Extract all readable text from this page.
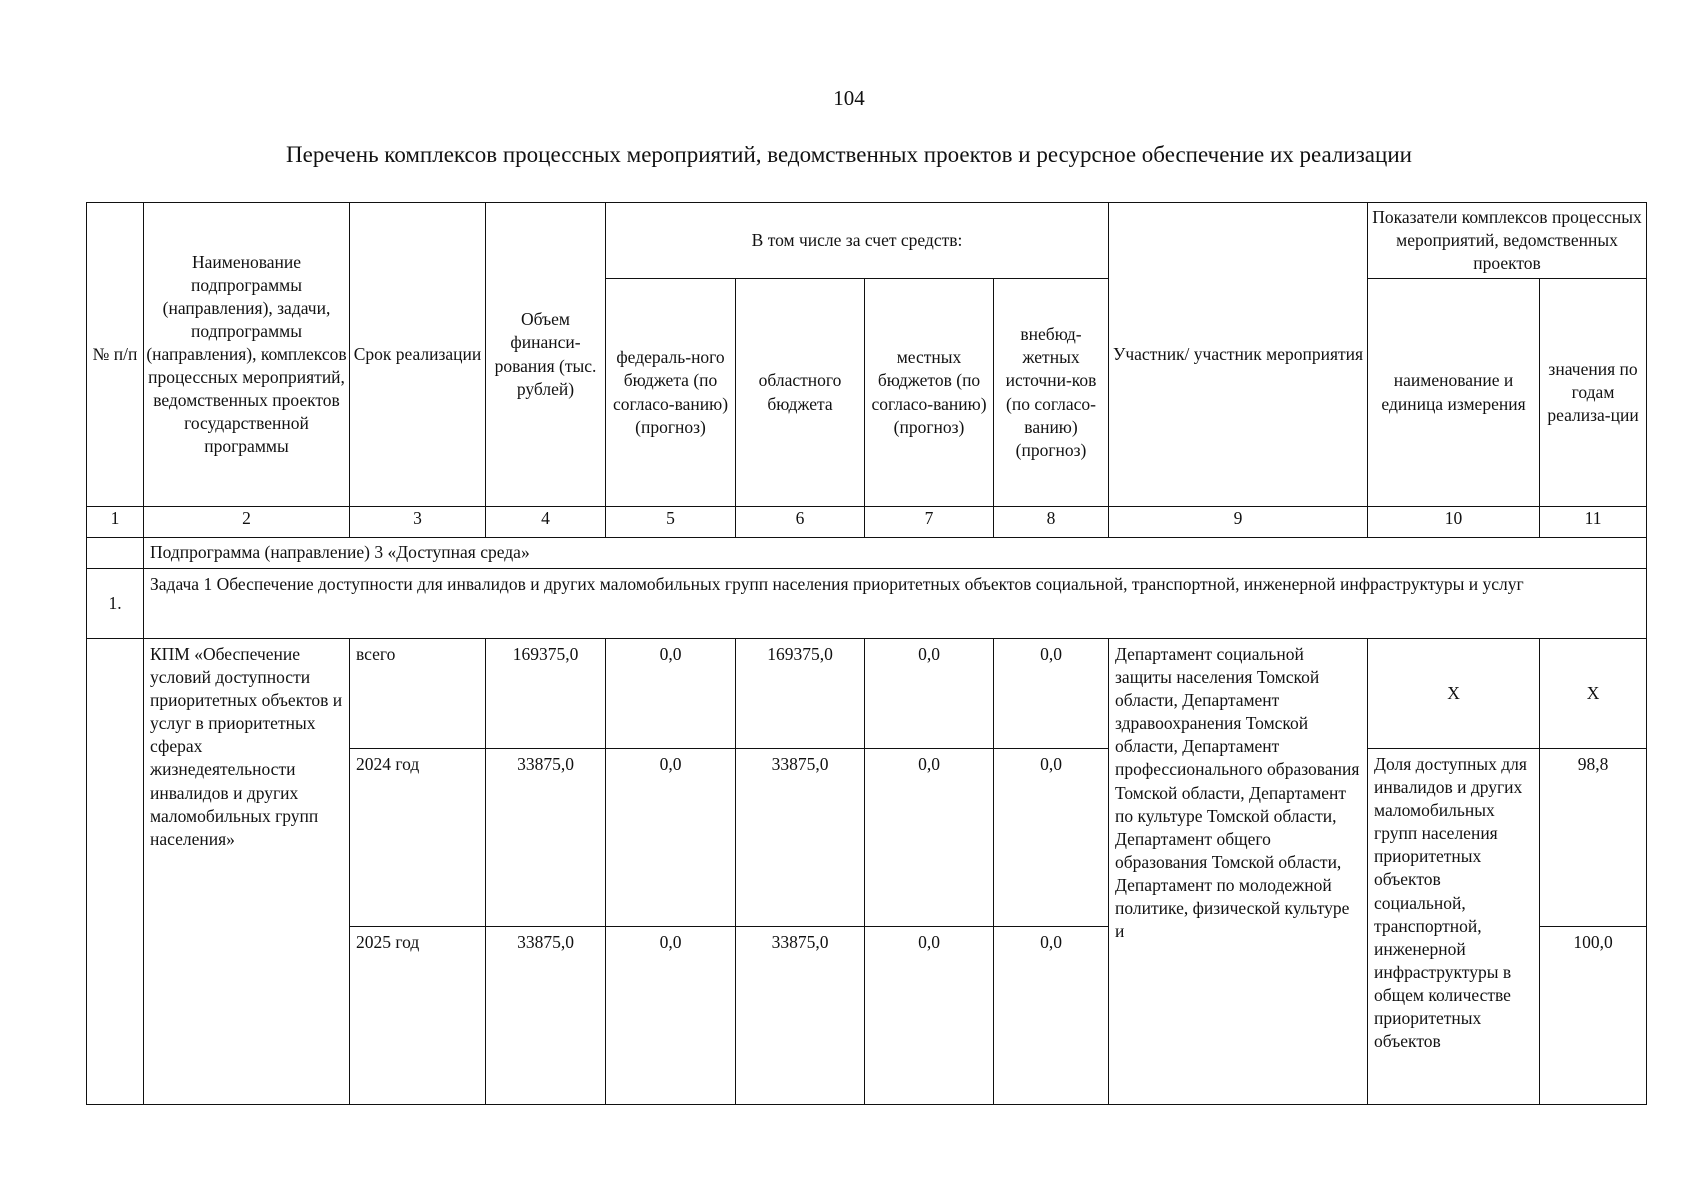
104
Перечень комплексов процессных мероприятий, ведомственных проектов и ресурсное обеспечение их реализации
№ п/п	Наименование подпрограммы (направления), задачи, подпрограммы (направления), комплексов процессных мероприятий, ведомственных проектов государственной программы	Срок реализации	Объем финанси-рования (тыс. рублей)	В том числе за счет средств:				Участник/ участник мероприятия	Показатели комплексов процессных мероприятий, ведомственных проектов	
				федераль-ного бюджета (по согласо-ванию) (прогноз)	областного бюджета	местных бюджетов (по согласо-ванию) (прогноз)	внебюд-жетных источни-ков (по согласо-ванию) (прогноз)		наименование и единица измерения	значения по годам реализа-ции
1	2	3	4	5	6	7	8	9	10	11
	Подпрограмма (направление) 3 «Доступная среда»									
1.	Задача 1 Обеспечение доступности для инвалидов и других маломобильных групп населения приоритетных объектов социальной, транспортной, инженерной инфраструктуры и услуг									
	КПМ «Обеспечение условий доступности приоритетных объектов и услуг в приоритетных сферах жизнедеятельности инвалидов и других маломобильных групп населения»	всего	169375,0	0,0	169375,0	0,0	0,0	Департамент социальной защиты населения Томской области, Департамент здравоохранения Томской области, Департамент профессионального образования Томской области, Департамент по культуре Томской области, Департамент общего образования Томской области, Департамент по молодежной политике, физической культуре и	Х	Х
		2024 год	33875,0	0,0	33875,0	0,0	0,0		Доля доступных для инвалидов и других маломобильных групп населения приоритетных объектов социальной, транспортной, инженерной инфраструктуры в общем количестве приоритетных объектов	98,8
		2025 год	33875,0	0,0	33875,0	0,0	0,0			100,0
